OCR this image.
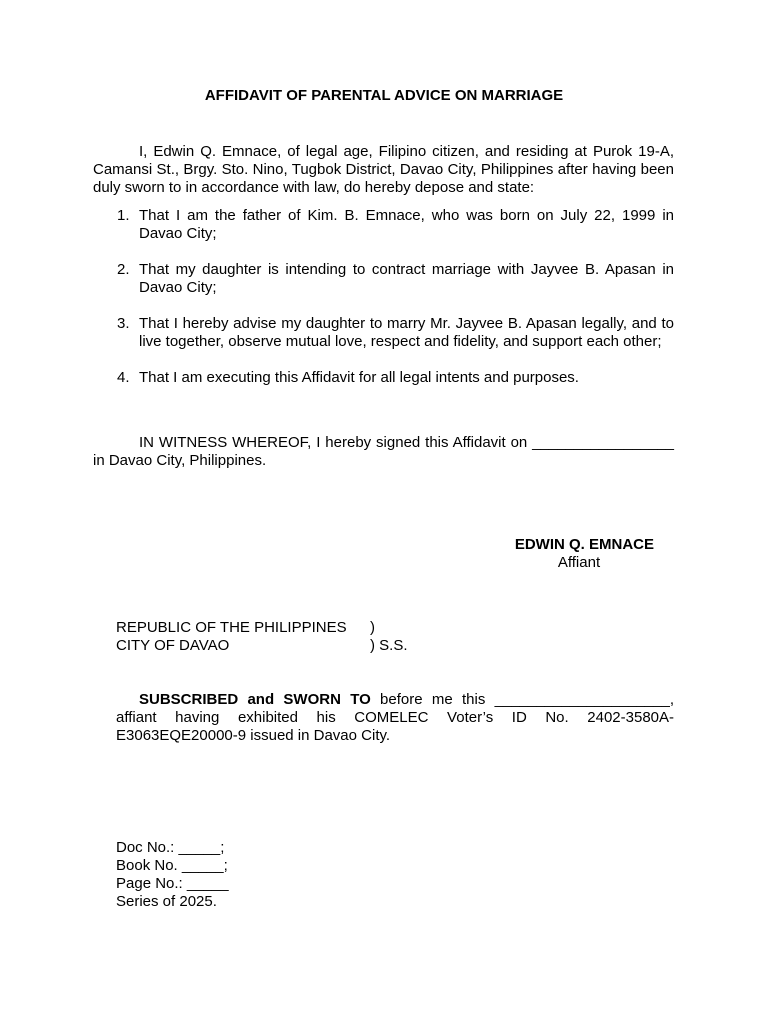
AFFIDAVIT OF PARENTAL ADVICE ON MARRIAGE

I, Edwin Q. Emnace, of legal age, Filipino citizen, and residing at Purok 19-A, Camansi St., Brgy. Sto. Nino, Tugbok District, Davao City, Philippines after having been duly sworn to in accordance with law, do hereby depose and state:

1. That I am the father of Kim. B. Emnace, who was born on July 22, 1999 in Davao City;
2. That my daughter is intending to contract marriage with Jayvee B. Apasan in Davao City;
3. That I hereby advise my daughter to marry Mr. Jayvee B. Apasan legally, and to live together, observe mutual love, respect and fidelity, and support each other;
4. That I am executing this Affidavit for all legal intents and purposes.

IN WITNESS WHEREOF, I hereby signed this Affidavit on _________________ in Davao City, Philippines.

EDWIN Q. EMNACE
Affiant
REPUBLIC OF THE PHILIPPINES	)
CITY OF DAVAO	) S.S.

SUBSCRIBED and SWORN TO before me this _____________________, affiant having exhibited his COMELEC Voter’s ID No. 2402-3580A-E3063EQE20000-9 issued in Davao City.

Doc No.: _____;
Book No. _____;
Page No.: _____
Series of 2025.
